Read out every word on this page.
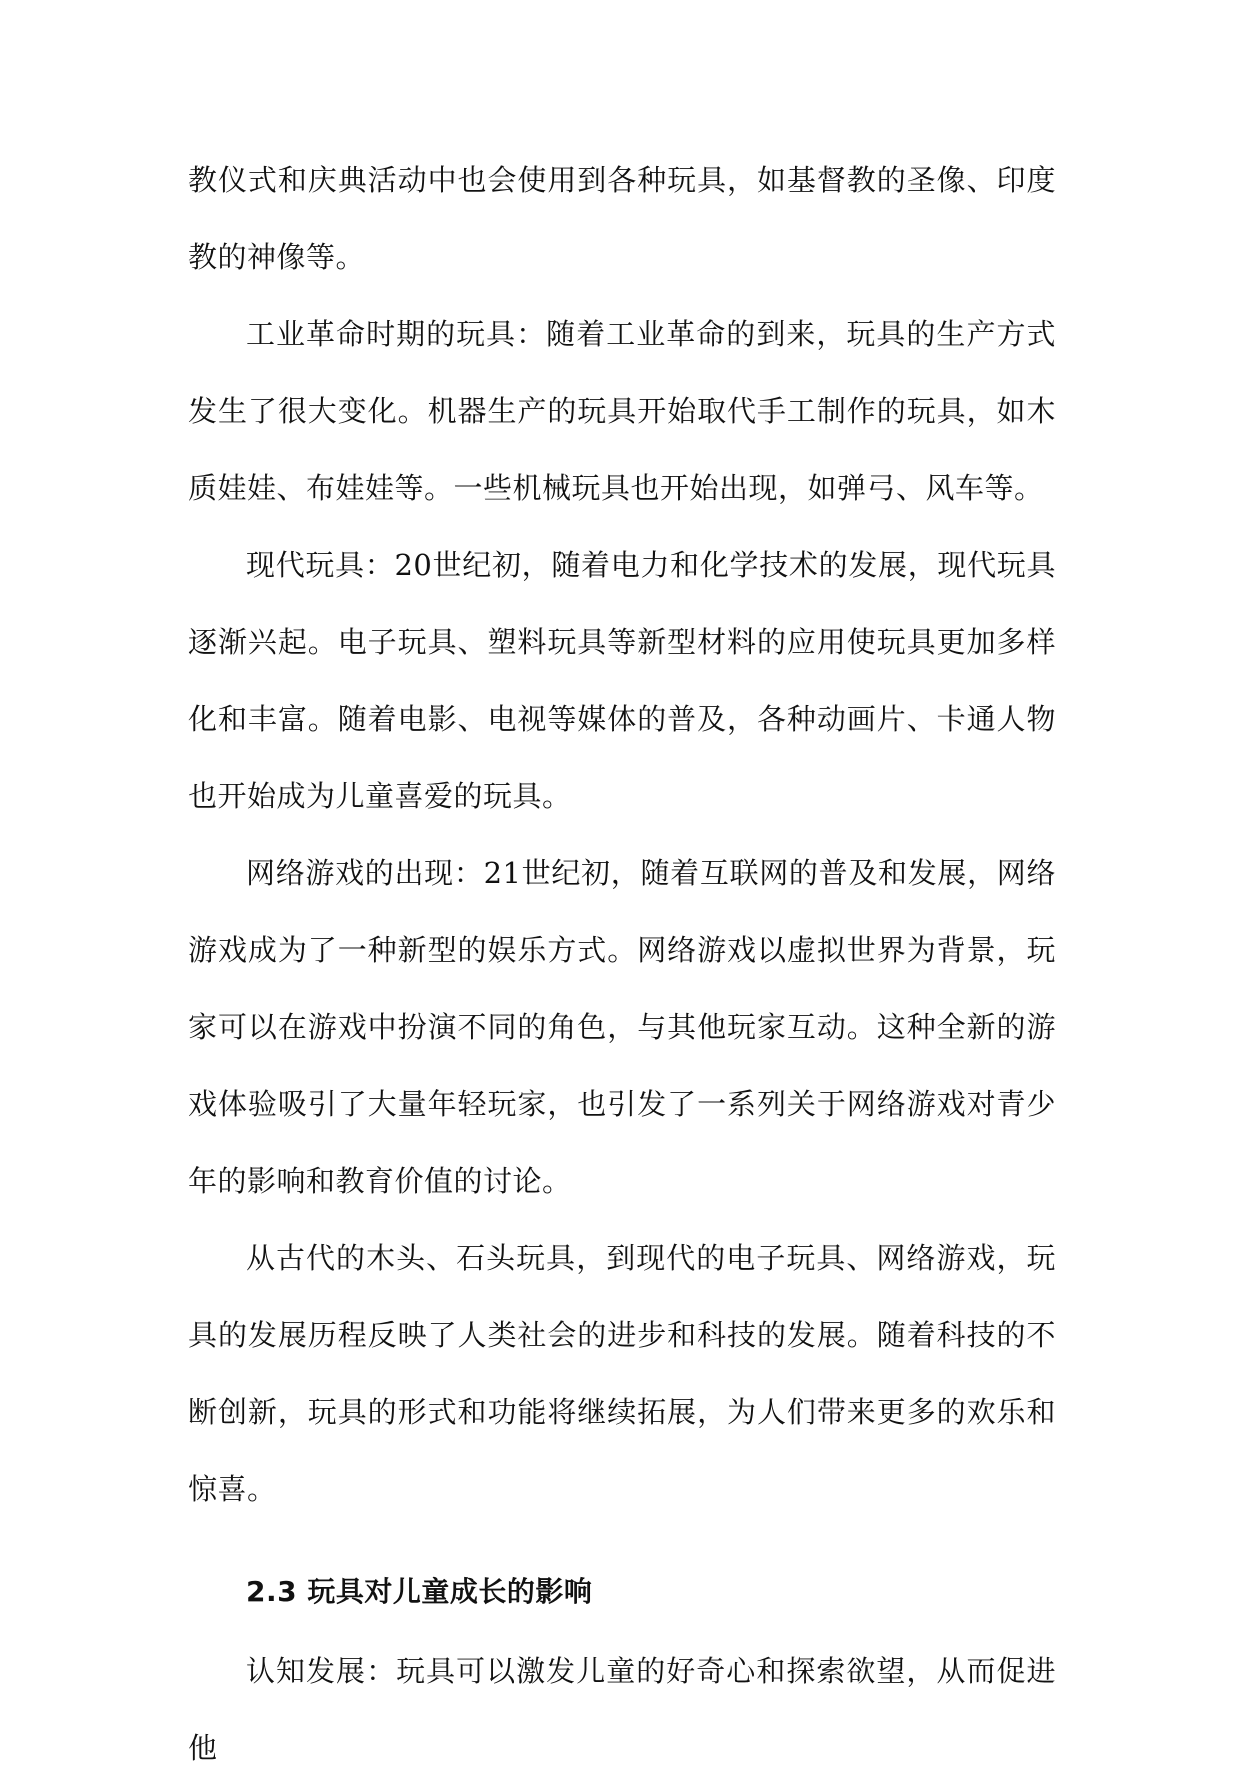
教仪式和庆典活动中也会使用到各种玩具，如基督教的圣像、印度教的神像等。

工业革命时期的玩具：随着工业革命的到来，玩具的生产方式发生了很大变化。机器生产的玩具开始取代手工制作的玩具，如木质娃娃、布娃娃等。一些机械玩具也开始出现，如弹弓、风车等。

现代玩具：20世纪初，随着电力和化学技术的发展，现代玩具逐渐兴起。电子玩具、塑料玩具等新型材料的应用使玩具更加多样化和丰富。随着电影、电视等媒体的普及，各种动画片、卡通人物也开始成为儿童喜爱的玩具。

网络游戏的出现：21世纪初，随着互联网的普及和发展，网络游戏成为了一种新型的娱乐方式。网络游戏以虚拟世界为背景，玩家可以在游戏中扮演不同的角色，与其他玩家互动。这种全新的游戏体验吸引了大量年轻玩家，也引发了一系列关于网络游戏对青少年的影响和教育价值的讨论。

从古代的木头、石头玩具，到现代的电子玩具、网络游戏，玩具的发展历程反映了人类社会的进步和科技的发展。随着科技的不断创新，玩具的形式和功能将继续拓展，为人们带来更多的欢乐和惊喜。

2.3 玩具对儿童成长的影响

认知发展：玩具可以激发儿童的好奇心和探索欲望，从而促进他
